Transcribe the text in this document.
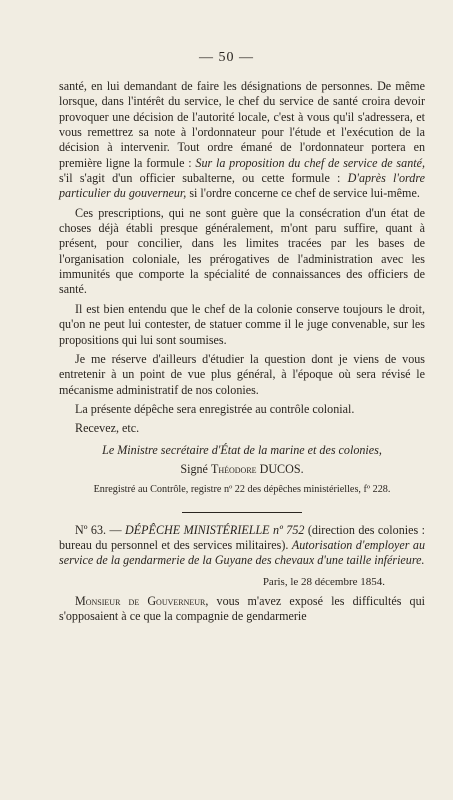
— 50 —

santé, en lui demandant de faire les désignations de personnes. De même lorsque, dans l'intérêt du service, le chef du service de santé croira devoir provoquer une décision de l'autorité locale, c'est à vous qu'il s'adressera, et vous remettrez sa note à l'ordonnateur pour l'étude et l'exécution de la décision à intervenir. Tout ordre émané de l'ordonnateur portera en première ligne la formule : Sur la proposition du chef de service de santé, s'il s'agit d'un officier subalterne, ou cette formule : D'après l'ordre particulier du gouverneur, si l'ordre concerne ce chef de service lui-même.

Ces prescriptions, qui ne sont guère que la consécration d'un état de choses déjà établi presque généralement, m'ont paru suffire, quant à présent, pour concilier, dans les limites tracées par les bases de l'organisation coloniale, les prérogatives de l'administration avec les immunités que comporte la spécialité de connaissances des officiers de santé.

Il est bien entendu que le chef de la colonie conserve toujours le droit, qu'on ne peut lui contester, de statuer comme il le juge convenable, sur les propositions qui lui sont soumises.

Je me réserve d'ailleurs d'étudier la question dont je viens de vous entretenir à un point de vue plus général, à l'époque où sera révisé le mécanisme administratif de nos colonies.

La présente dépêche sera enregistrée au contrôle colonial.

Recevez, etc.

Le Ministre secrétaire d'État de la marine et des colonies,

Signé Théodore DUCOS.

Enregistré au Contrôle, registre nº 22 des dépêches ministérielles, fº 228.

Nº 63. — DÉPÊCHE MINISTÉRIELLE nº 752 (direction des colonies : bureau du personnel et des services militaires). Autorisation d'employer au service de la gendarmerie de la Guyane des chevaux d'une taille inférieure.

Paris, le 28 décembre 1854.

Monsieur de Gouverneur, vous m'avez exposé les difficultés qui s'opposaient à ce que la compagnie de gendarmerie
